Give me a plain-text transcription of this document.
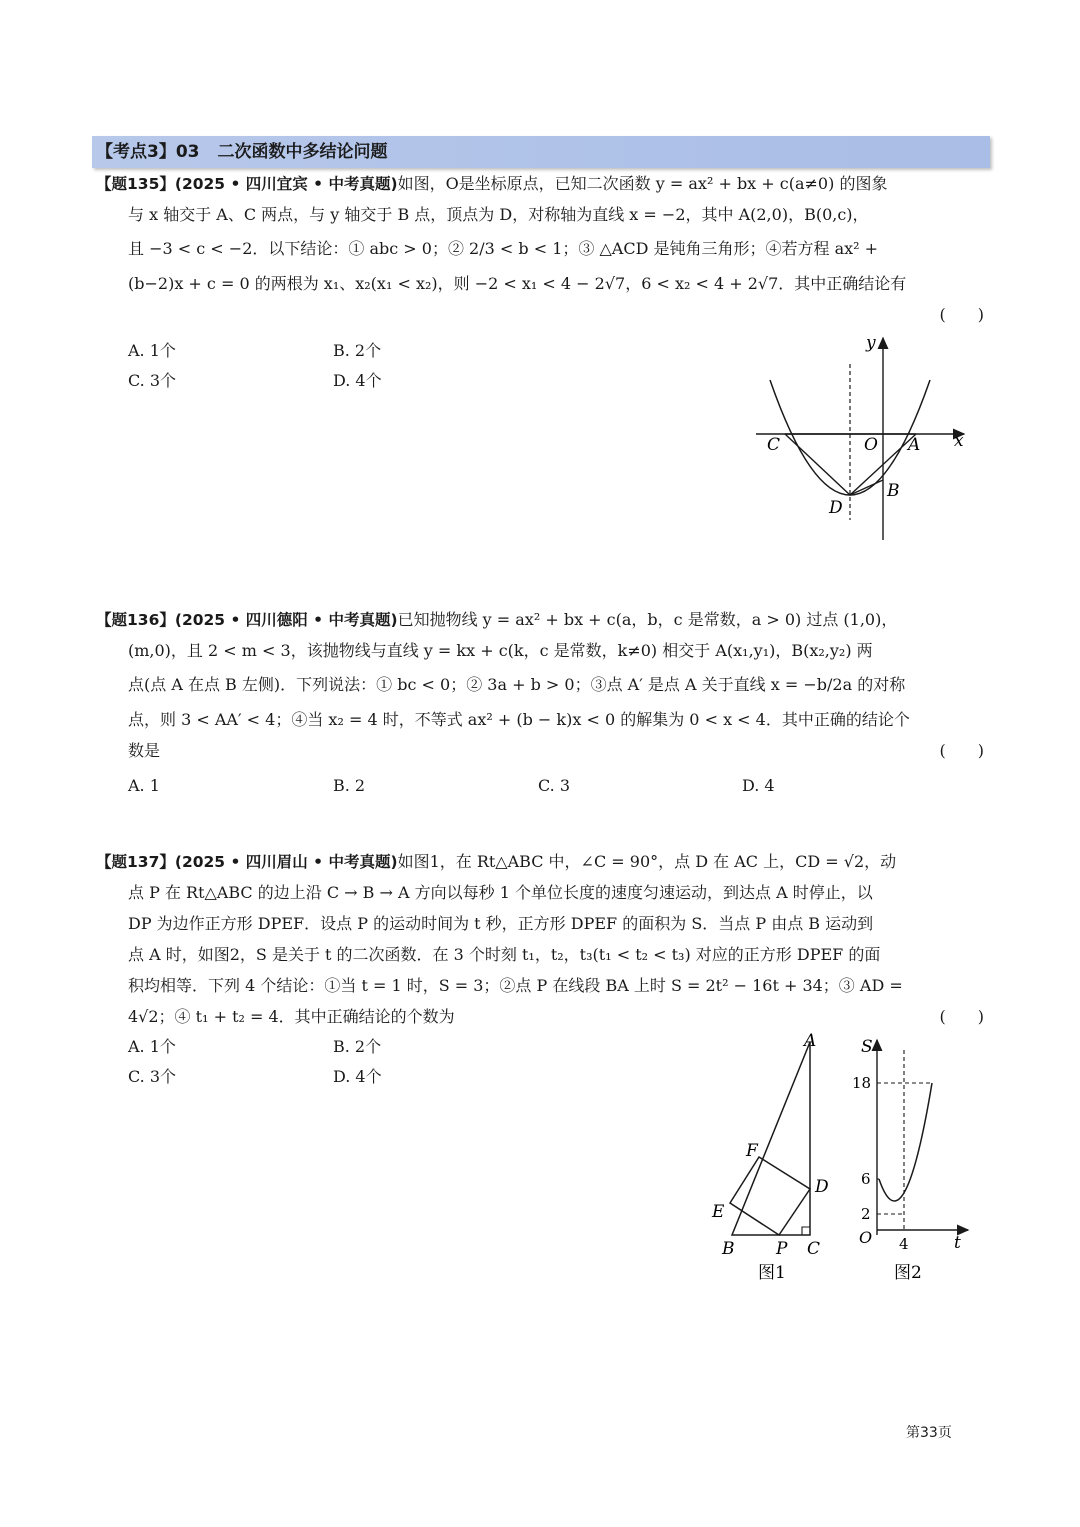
【考点3】03 二次函数中多结论问题
【题135】(2025 • 四川宜宾 • 中考真题)如图，O是坐标原点，已知二次函数 y = ax² + bx + c(a≠0) 的图象
与 x 轴交于 A、C 两点，与 y 轴交于 B 点，顶点为 D，对称轴为直线 x = −2，其中 A(2,0)，B(0,c)，
且 −3 < c < −2．以下结论：① abc > 0；② 2/3 < b < 1；③ △ACD 是钝角三角形；④若方程 ax² +
(b−2)x + c = 0 的两根为 x₁、x₂(x₁ < x₂)，则 −2 < x₁ < 4 − 2√7，6 < x₂ < 4 + 2√7．其中正确结论有
(　　)
A. 1个	B. 2个
C. 3个	D. 4个
y
x
C	O A
B
D
【题136】(2025 • 四川德阳 • 中考真题)已知抛物线 y = ax² + bx + c(a，b，c 是常数，a > 0) 过点 (1,0)，
(m,0)，且 2 < m < 3，该抛物线与直线 y = kx + c(k，c 是常数，k≠0) 相交于 A(x₁,y₁)，B(x₂,y₂) 两
点(点 A 在点 B 左侧)．下列说法：① bc < 0；② 3a + b > 0；③点 A′ 是点 A 关于直线 x = −b/2a 的对称
点，则 3 < AA′ < 4；④当 x₂ = 4 时，不等式 ax² + (b − k)x < 0 的解集为 0 < x < 4．其中正确的结论个
数是	(　　)
A. 1	B. 2	C. 3	D. 4
【题137】(2025 • 四川眉山 • 中考真题)如图1，在 Rt△ABC 中，∠C = 90°，点 D 在 AC 上，CD = √2，动
点 P 在 Rt△ABC 的边上沿 C → B → A 方向以每秒 1 个单位长度的速度匀速运动，到达点 A 时停止，以
DP 为边作正方形 DPEF．设点 P 的运动时间为 t 秒，正方形 DPEF 的面积为 S．当点 P 由点 B 运动到
点 A 时，如图2，S 是关于 t 的二次函数．在 3 个时刻 t₁，t₂，t₃(t₁ < t₂ < t₃) 对应的正方形 DPEF 的面
积均相等．下列 4 个结论：①当 t = 1 时，S = 3；②点 P 在线段 BA 上时 S = 2t² − 16t + 34；③ AD =
4√2；④ t₁ + t₂ = 4．其中正确结论的个数为	(　　)
A. 1个	B. 2个
C. 3个	D. 4个
A
F
D
E
B P C
图1
S
18
6
2
O 4	t
图2
第33页
